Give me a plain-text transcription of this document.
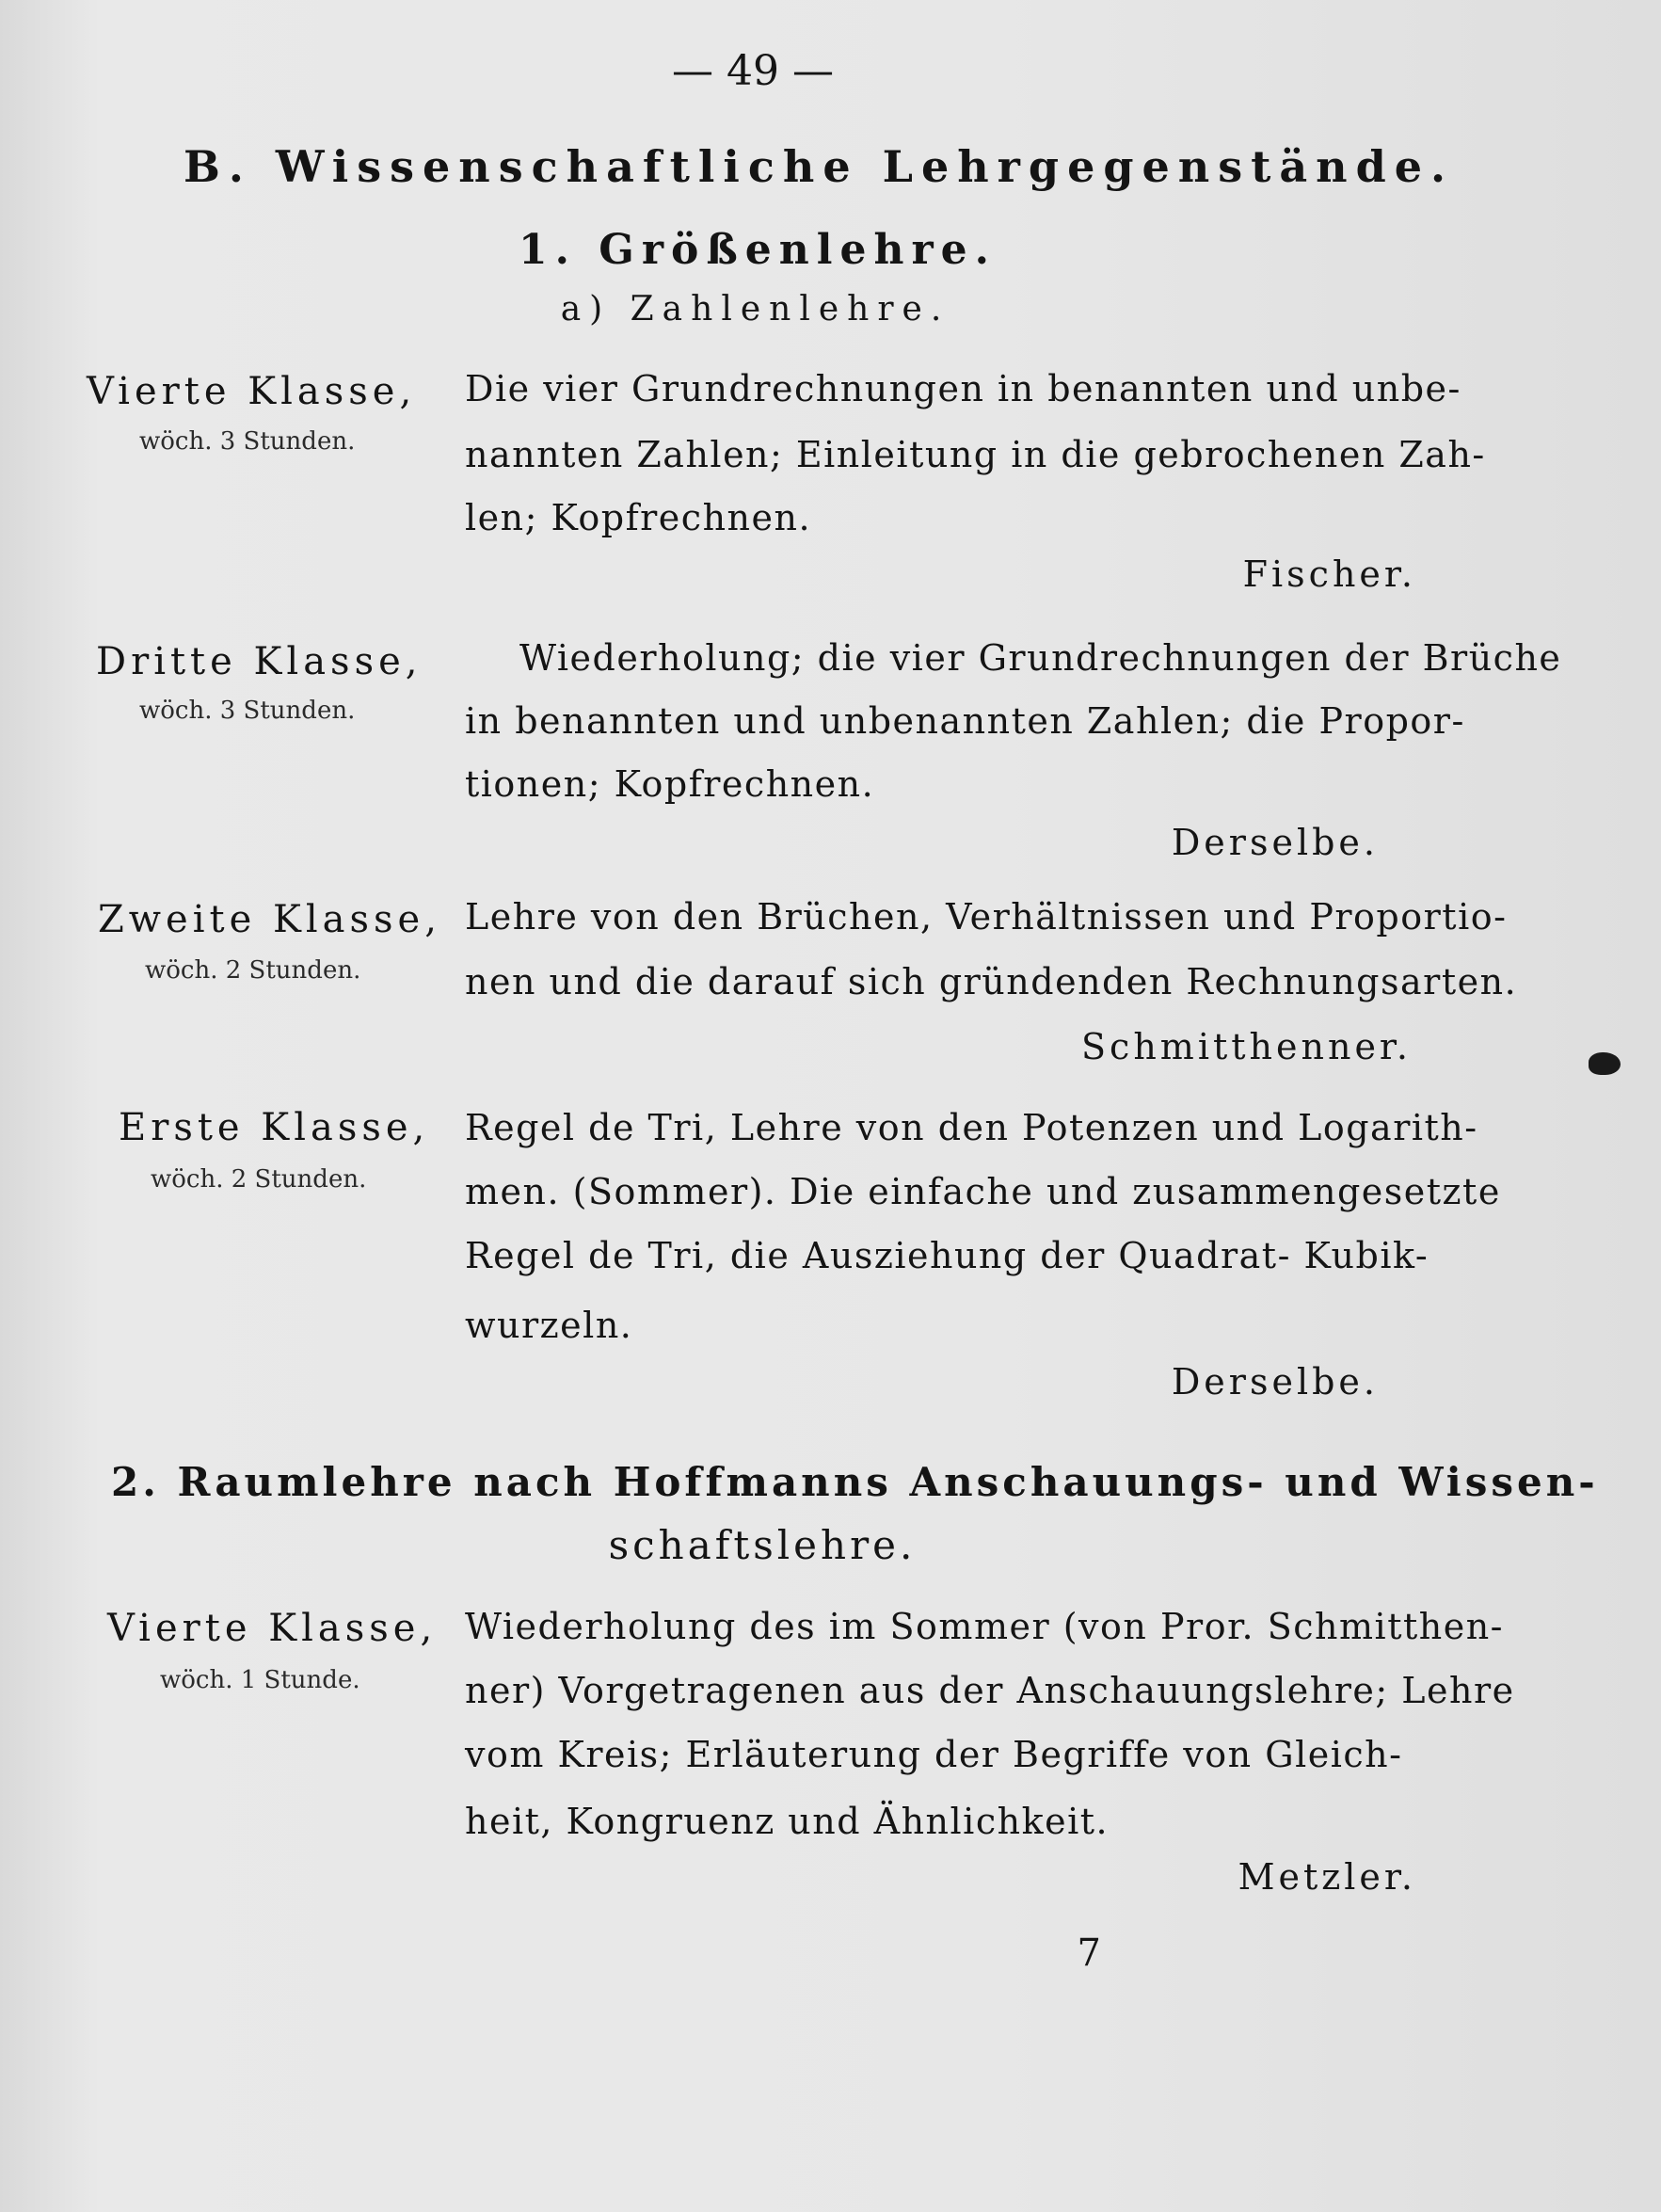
— 49 —
B. Wissenschaftliche Lehrgegenstände.
1. Größenlehre.
a) Zahlenlehre.
Vierte Klasse,
wöch. 3 Stunden.
Die vier Grundrechnungen in benannten und unbe-
nannten Zahlen; Einleitung in die gebrochenen Zah-
len; Kopfrechnen.
Fischer.
Dritte Klasse,
wöch. 3 Stunden.
Wiederholung; die vier Grundrechnungen der Brüche
in benannten und unbenannten Zahlen; die Propor-
tionen; Kopfrechnen.
Derselbe.
Zweite Klasse,
wöch. 2 Stunden.
Lehre von den Brüchen, Verhältnissen und Proportio-
nen und die darauf sich gründenden Rechnungsarten.
Schmitthenner.
Erste Klasse,
wöch. 2 Stunden.
Regel de Tri, Lehre von den Potenzen und Logarith-
men. (Sommer). Die einfache und zusammengesetzte
Regel de Tri, die Ausziehung der Quadrat- Kubik-
wurzeln.
Derselbe.
2. Raumlehre nach Hoffmanns Anschauungs- und Wissen-
schaftslehre.
Vierte Klasse,
wöch. 1 Stunde.
Wiederholung des im Sommer (von Pror. Schmitthen-
ner) Vorgetragenen aus der Anschauungslehre; Lehre
vom Kreis; Erläuterung der Begriffe von Gleich-
heit, Kongruenz und Ähnlichkeit.
Metzler.
7
